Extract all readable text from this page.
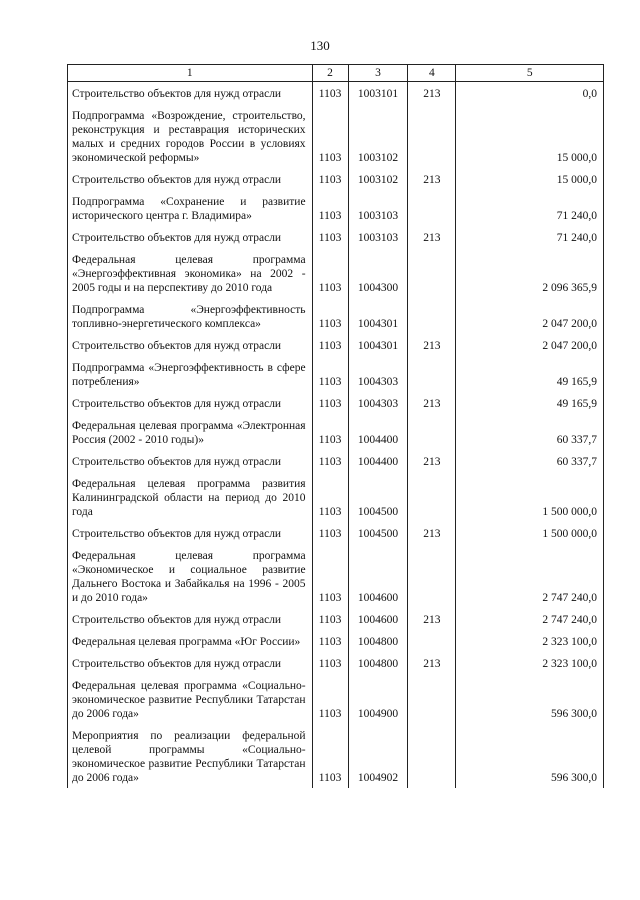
130
1	2	3	4	5
Строительство объектов для нужд отрасли	1103	1003101	213	0,0
Подпрограмма «Возрождение, строительство, реконструкция и реставрация исторических малых и средних городов России в условиях экономической реформы»	1103	1003102		15 000,0
Строительство объектов для нужд отрасли	1103	1003102	213	15 000,0
Подпрограмма «Сохранение и развитие исторического центра г. Владимира»	1103	1003103		71 240,0
Строительство объектов для нужд отрасли	1103	1003103	213	71 240,0
Федеральная целевая программа «Энергоэффективная экономика» на 2002 - 2005 годы и на перспективу до 2010 года	1103	1004300		2 096 365,9
Подпрограмма «Энергоэффективность топливно-энергетического комплекса»	1103	1004301		2 047 200,0
Строительство объектов для нужд отрасли	1103	1004301	213	2 047 200,0
Подпрограмма «Энергоэффективность в сфере потребления»	1103	1004303		49 165,9
Строительство объектов для нужд отрасли	1103	1004303	213	49 165,9
Федеральная целевая программа «Электронная Россия (2002 - 2010 годы)»	1103	1004400		60 337,7
Строительство объектов для нужд отрасли	1103	1004400	213	60 337,7
Федеральная целевая программа развития Калининградской области на период до 2010 года	1103	1004500		1 500 000,0
Строительство объектов для нужд отрасли	1103	1004500	213	1 500 000,0
Федеральная целевая программа «Экономическое и социальное развитие Дальнего Востока и Забайкалья на 1996 - 2005 и до 2010 года»	1103	1004600		2 747 240,0
Строительство объектов для нужд отрасли	1103	1004600	213	2 747 240,0
Федеральная целевая программа «Юг России»	1103	1004800		2 323 100,0
Строительство объектов для нужд отрасли	1103	1004800	213	2 323 100,0
Федеральная целевая программа «Социально-экономическое развитие Республики Татарстан до 2006 года»	1103	1004900		596 300,0
Мероприятия по реализации федеральной целевой программы «Социально-экономическое развитие Республики Татарстан до 2006 года»	1103	1004902		596 300,0
